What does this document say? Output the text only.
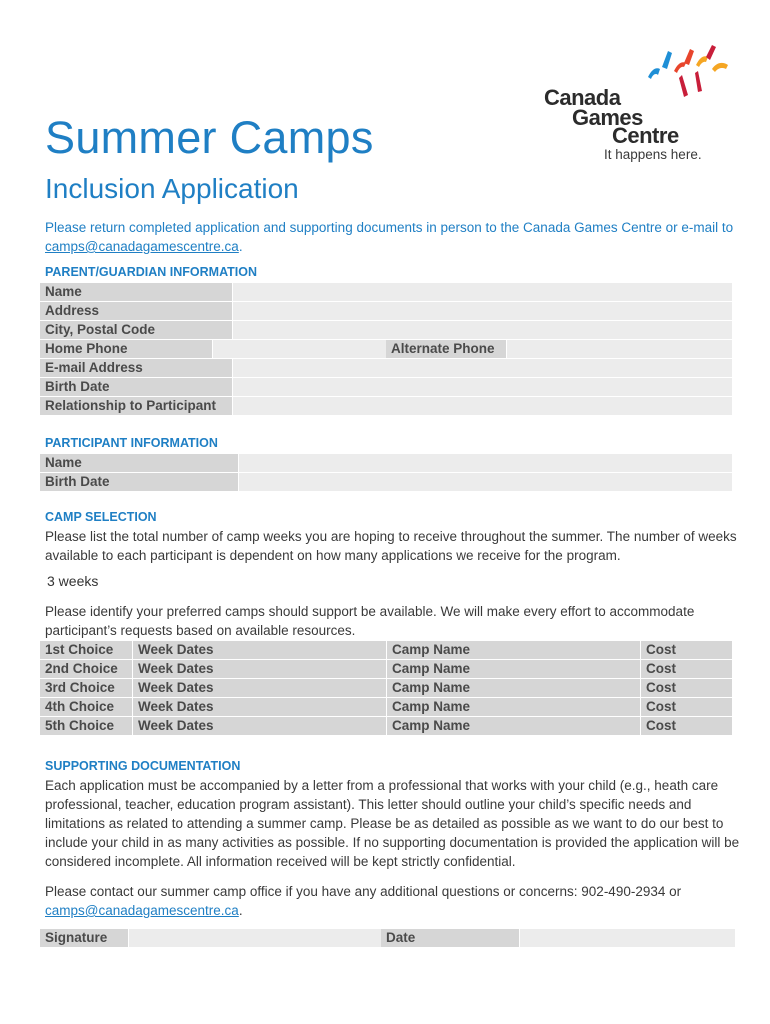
Summer Camps
Inclusion Application
Please return completed application and supporting documents in person to the Canada Games Centre or e-mail to camps@canadagamescentre.ca.
Canada
Games
Centre
It happens here.
PARENT/GUARDIAN INFORMATION
Name
Address
City, Postal Code
Home Phone	Alternate Phone
E-mail Address
Birth Date
Relationship to Participant
PARTICIPANT INFORMATION
Name
Birth Date
CAMP SELECTION
Please list the total number of camp weeks you are hoping to receive throughout the summer. The number of weeks available to each participant is dependent on how many applications we receive for the program.
3 weeks
Please identify your preferred camps should support be available. We will make every effort to accommodate participant’s requests based on available resources.
1st Choice	Week Dates	Camp Name	Cost
2nd Choice	Week Dates	Camp Name	Cost
3rd Choice	Week Dates	Camp Name	Cost
4th Choice	Week Dates	Camp Name	Cost
5th Choice	Week Dates	Camp Name	Cost
SUPPORTING DOCUMENTATION
Each application must be accompanied by a letter from a professional that works with your child (e.g., heath care professional, teacher, education program assistant). This letter should outline your child’s specific needs and limitations as related to attending a summer camp. Please be as detailed as possible as we want to do our best to include your child in as many activities as possible. If no supporting documentation is provided the application will be considered incomplete. All information received will be kept strictly confidential.
Please contact our summer camp office if you have any additional questions or concerns: 902-490-2934 or camps@canadagamescentre.ca.
Signature	Date
